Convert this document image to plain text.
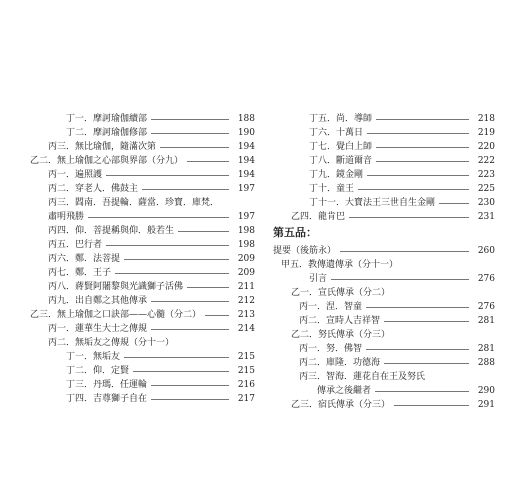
丁一．摩訶瑜伽續部	188
丁二．摩訶瑜伽修部	190
丙三．無比瑜伽，隨滿次第	194
乙二．無上瑜伽之心部與界部（分九）	194
丙一．遍照護	194
丙二．穿老人．佛鼓主	197
丙三．閻南．吾提輪．薩當．珍寶．庫梵．
肅明飛勝	197
丙四．仰．菩提稱與仰．般若生	198
丙五．巴行者	198
丙六．鄭．法菩提	209
丙七．鄭．王子	209
丙八．蔣賢阿闍黎與光識獅子活佛	211
丙九．出自鄭之其他傳承	212
乙三．無上瑜伽之口訣部——心髓（分二）	213
丙一．蓮華生大士之傳規	214
丙二．無垢友之傳規（分十一）
丁一．無垢友	215
丁二．仰．定賢	215
丁三．丹瑪．任運輪	216
丁四．吉尊獅子自在	217
第五品：
丁五．尚．導師	218
丁六．十萬日	219
丁七．覺白上師	220
丁八．斷道爾音	222
丁九．鏡金剛	223
丁十．童王	225
丁十一．大寶法王三世自生金剛	230
乙四．龍肯巴	231
提要（後筋永）	260
甲五．教傳遺傳承（分十一）
引言	276
乙一．宣氏傳承（分二）
丙一．涅．智童	276
丙二．宣時人吉祥智	281
乙二．努氏傳承（分三）
丙一．努．佛智	281
丙二．庫隆．功德海	288
丙三．智海．蓮花自在王及努氏
傳承之後繼者	290
乙三．宿氏傳承（分三）	291
